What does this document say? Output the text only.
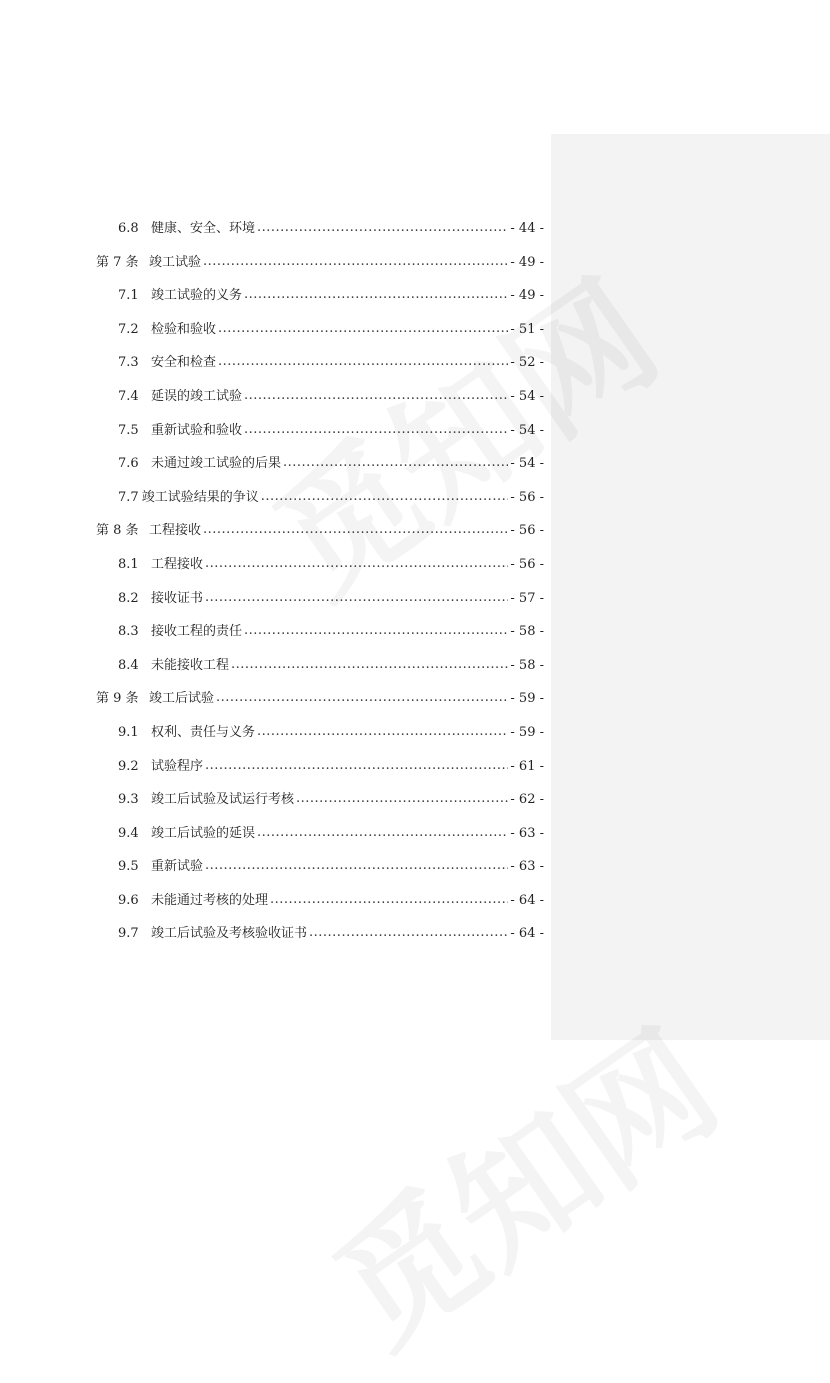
6.8 健康、安全、环境 .....	- 44 -
第 7 条 竣工试验 .....	- 49 -
7.1 竣工试验的义务 .....	- 49 -
7.2 检验和验收 .....	- 51 -
7.3 安全和检查 .....	- 52 -
7.4 延误的竣工试验 .....	- 54 -
7.5 重新试验和验收 .....	- 54 -
7.6 未通过竣工试验的后果 .....	- 54 -
7.7 竣工试验结果的争议 .....	- 56 -
第 8 条 工程接收 .....	- 56 -
8.1 工程接收 .....	- 56 -
8.2 接收证书 .....	- 57 -
8.3 接收工程的责任 .....	- 58 -
8.4 未能接收工程 .....	- 58 -
第 9 条 竣工后试验 .....	- 59 -
9.1 权利、责任与义务 .....	- 59 -
9.2 试验程序 .....	- 61 -
9.3 竣工后试验及试运行考核 .....	- 62 -
9.4 竣工后试验的延误 .....	- 63 -
9.5 重新试验 .....	- 63 -
9.6 未能通过考核的处理 .....	- 64 -
9.7 竣工后试验及考核验收证书 .....	- 64 -
